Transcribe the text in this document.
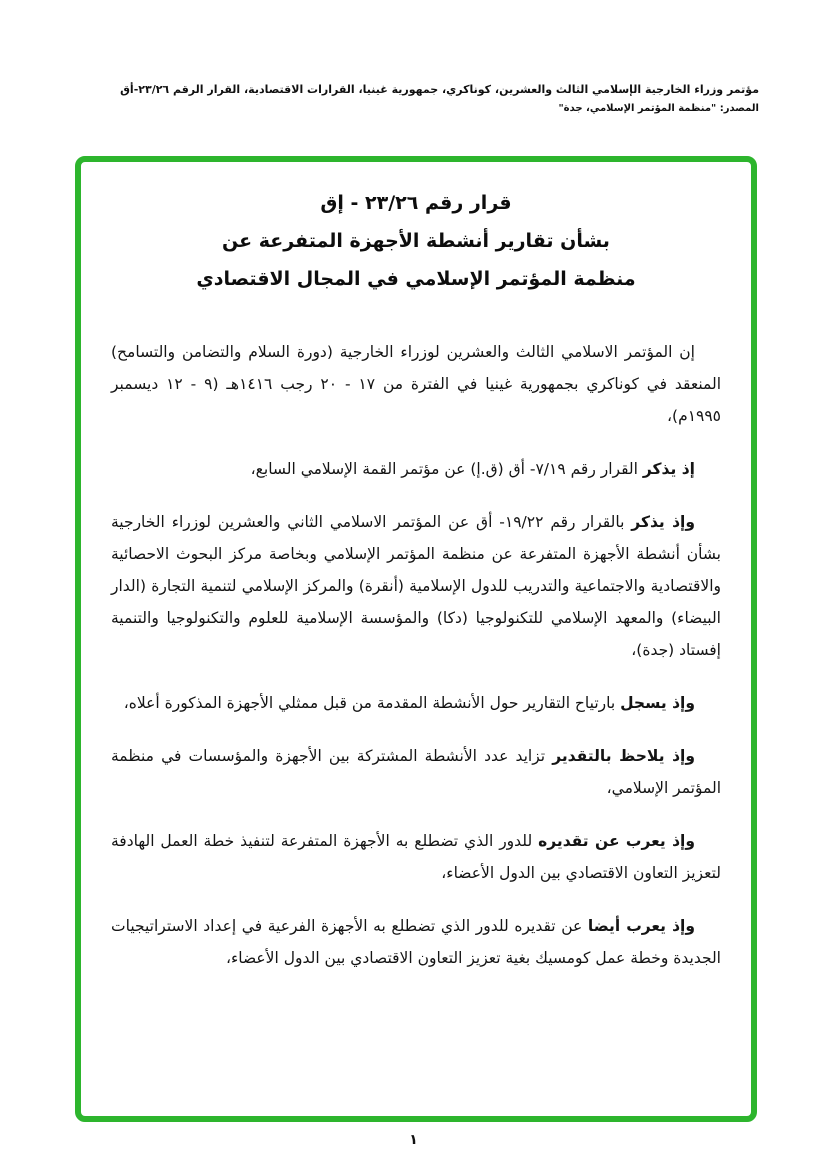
مؤتمر وزراء الخارجية الإسلامي الثالث والعشرين، كوناكري، جمهورية غينيا، القرارات الاقتصادية، القرار الرقم ٢٣/٢٦-أق
المصدر: "منظمة المؤتمر الإسلامي، جدة"
قرار رقم ٢٣/٢٦ - إق
بشأن تقارير أنشطة الأجهزة المتفرعة عن
منظمة المؤتمر الإسلامي في المجال الاقتصادي

إن المؤتمر الاسلامي الثالث والعشرين لوزراء الخارجية (دورة السلام والتضامن والتسامح) المنعقد في كوناكري بجمهورية غينيا في الفترة من ١٧ - ٢٠ رجب ١٤١٦هـ (٩ - ١٢ ديسمبر ١٩٩٥م)،

إذ يذكر القرار رقم ٧/١٩- أق (ق.إ) عن مؤتمر القمة الإسلامي السابع،

وإذ يذكر بالقرار رقم ١٩/٢٢- أق عن المؤتمر الاسلامي الثاني والعشرين لوزراء الخارجية بشأن أنشطة الأجهزة المتفرعة عن منظمة المؤتمر الإسلامي وبخاصة مركز البحوث الاحصائية والاقتصادية والاجتماعية والتدريب للدول الإسلامية (أنقرة) والمركز الإسلامي لتنمية التجارة (الدار البيضاء) والمعهد الإسلامي للتكنولوجيا (دكا) والمؤسسة الإسلامية للعلوم والتكنولوجيا والتنمية إفستاد (جدة)،

وإذ يسجل بارتياح التقارير حول الأنشطة المقدمة من قبل ممثلي الأجهزة المذكورة أعلاه،

وإذ يلاحظ بالتقدير تزايد عدد الأنشطة المشتركة بين الأجهزة والمؤسسات في منظمة المؤتمر الإسلامي،

وإذ يعرب عن تقديره للدور الذي تضطلع به الأجهزة المتفرعة لتنفيذ خطة العمل الهادفة لتعزيز التعاون الاقتصادي بين الدول الأعضاء،

وإذ يعرب أيضا عن تقديره للدور الذي تضطلع به الأجهزة الفرعية في إعداد الاستراتيجيات الجديدة وخطة عمل كومسيك بغية تعزيز التعاون الاقتصادي بين الدول الأعضاء،

١
